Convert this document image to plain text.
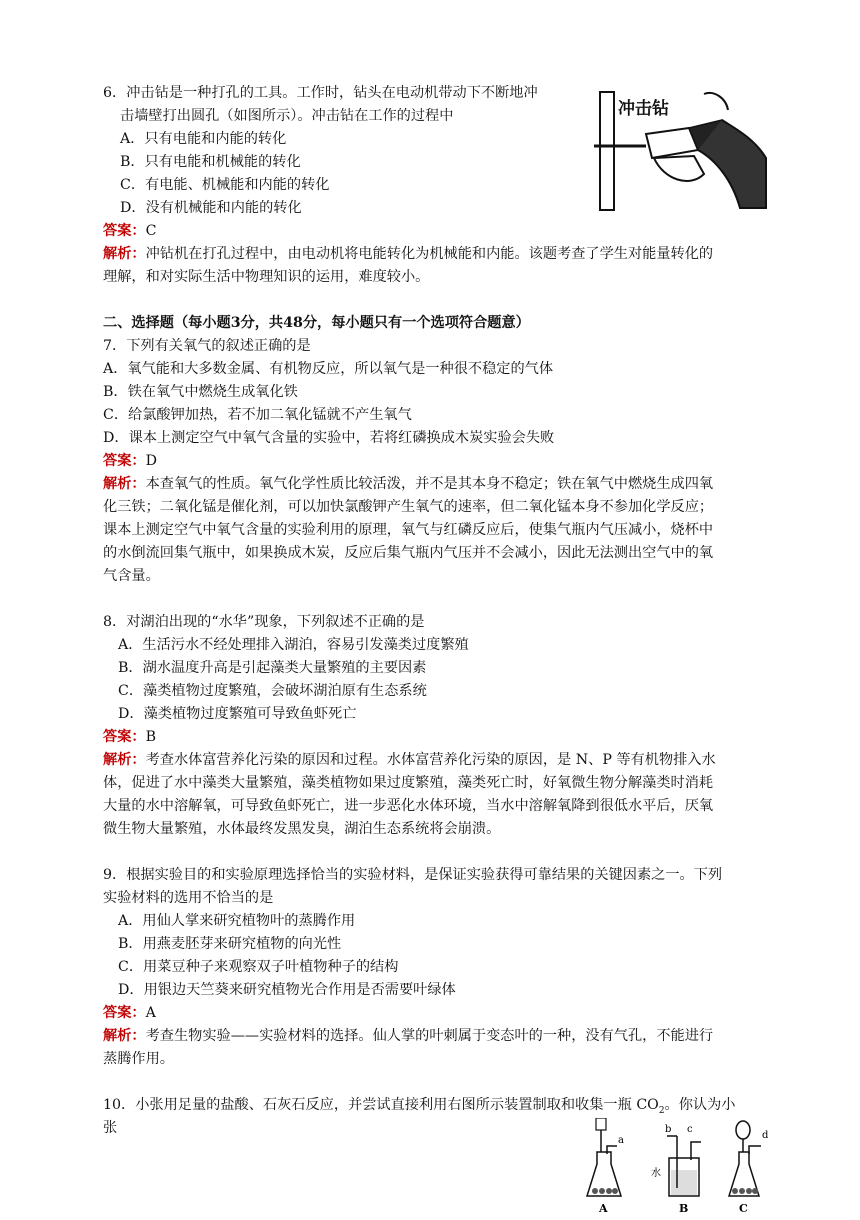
6．冲击钻是一种打孔的工具。工作时，钻头在电动机带动下不断地冲
击墙壁打出圆孔（如图所示）。冲击钻在工作的过程中
A．只有电能和内能的转化
B．只有电能和机械能的转化
C．有电能、机械能和内能的转化
D．没有机械能和内能的转化
答案：C
解析：冲钻机在打孔过程中，由电动机将电能转化为机械能和内能。该题考查了学生对能量转化的
理解，和对实际生活中物理知识的运用，难度较小。
二、选择题（每小题3分，共48分，每小题只有一个选项符合题意）
7．下列有关氧气的叙述正确的是
A．氧气能和大多数金属、有机物反应，所以氧气是一种很不稳定的气体
B．铁在氧气中燃烧生成氧化铁
C．给氯酸钾加热，若不加二氧化锰就不产生氧气
D．课本上测定空气中氧气含量的实验中，若将红磷换成木炭实验会失败
答案：D
解析：本查氧气的性质。氧气化学性质比较活泼，并不是其本身不稳定；铁在氧气中燃烧生成四氧
化三铁；二氧化锰是催化剂，可以加快氯酸钾产生氧气的速率，但二氧化锰本身不参加化学反应；
课本上测定空气中氧气含量的实验利用的原理，氧气与红磷反应后，使集气瓶内气压减小，烧杯中
的水倒流回集气瓶中，如果换成木炭，反应后集气瓶内气压并不会减小，因此无法测出空气中的氧
气含量。
8．对湖泊出现的“水华”现象，下列叙述不正确的是
A．生活污水不经处理排入湖泊，容易引发藻类过度繁殖
B．湖水温度升高是引起藻类大量繁殖的主要因素
C．藻类植物过度繁殖，会破坏湖泊原有生态系统
D．藻类植物过度繁殖可导致鱼虾死亡
答案：B
解析：考查水体富营养化污染的原因和过程。水体富营养化污染的原因，是 N、P 等有机物排入水
体，促进了水中藻类大量繁殖，藻类植物如果过度繁殖，藻类死亡时，好氧微生物分解藻类时消耗
大量的水中溶解氧，可导致鱼虾死亡，进一步恶化水体环境，当水中溶解氧降到很低水平后，厌氧
微生物大量繁殖，水体最终发黑发臭，湖泊生态系统将会崩溃。
9．根据实验目的和实验原理选择恰当的实验材料，是保证实验获得可靠结果的关键因素之一。下列
实验材料的选用不恰当的是
A．用仙人掌来研究植物叶的蒸腾作用
B．用燕麦胚芽来研究植物的向光性
C．用菜豆种子来观察双子叶植物种子的结构
D．用银边天竺葵来研究植物光合作用是否需要叶绿体
答案：A
解析：考查生物实验——实验材料的选择。仙人掌的叶刺属于变态叶的一种，没有气孔，不能进行
蒸腾作用。
10．小张用足量的盐酸、石灰石反应，并尝试直接利用右图所示装置制取和收集一瓶 $CO_2$。你认为小
张
冲击钻
a
A
b c
水
B
d
C
